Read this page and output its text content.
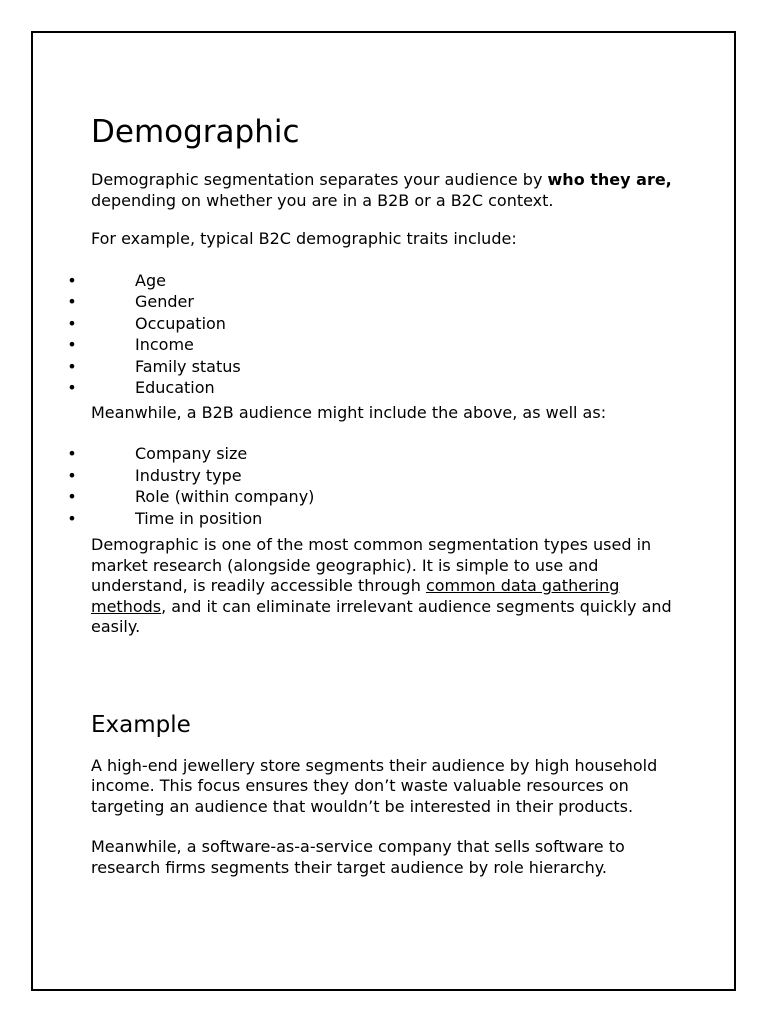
Demographic

Demographic segmentation separates your audience by who they are, depending on whether you are in a B2B or a B2C context.

For example, typical B2C demographic traits include:

•	Age
•	Gender
•	Occupation
•	Income
•	Family status
•	Education

Meanwhile, a B2B audience might include the above, as well as:

•	Company size
•	Industry type
•	Role (within company)
•	Time in position

Demographic is one of the most common segmentation types used in market research (alongside geographic). It is simple to use and understand, is readily accessible through common data gathering methods, and it can eliminate irrelevant audience segments quickly and easily.

Example

A high-end jewellery store segments their audience by high household income. This focus ensures they don’t waste valuable resources on targeting an audience that wouldn’t be interested in their products.

Meanwhile, a software-as-a-service company that sells software to research firms segments their target audience by role hierarchy.
